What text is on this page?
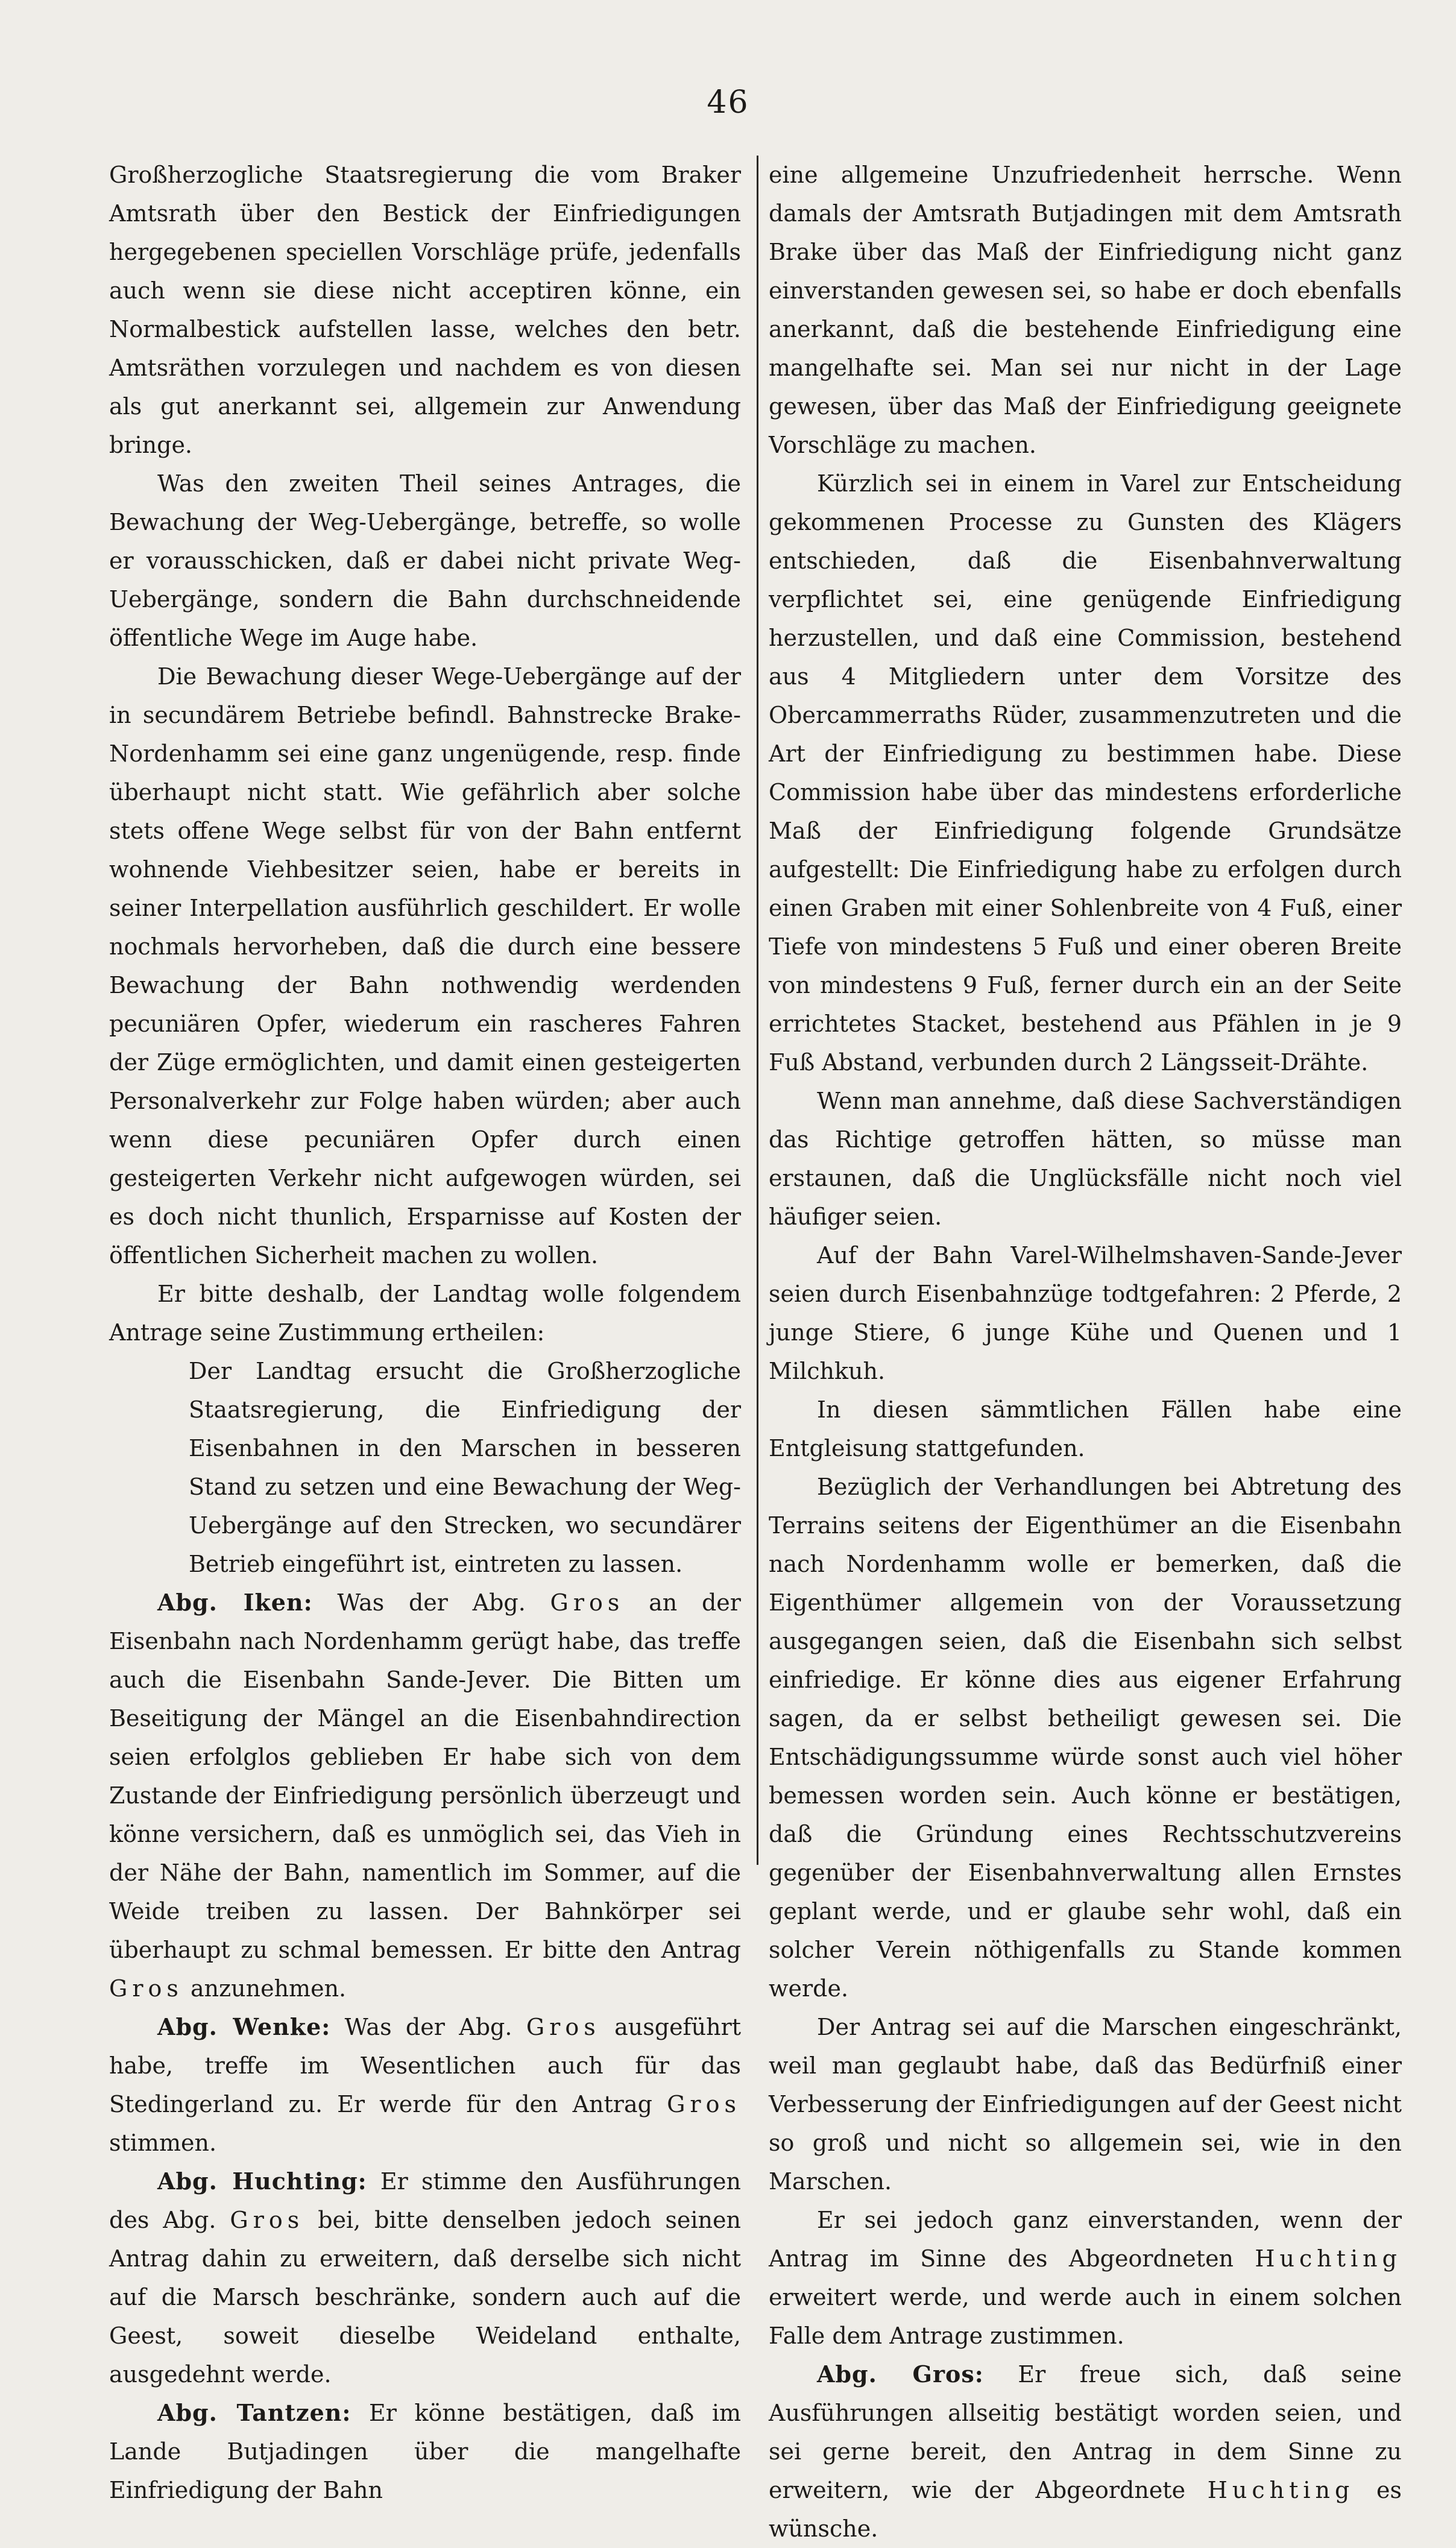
46

Großherzogliche Staatsregierung die vom Braker Amtsrath über den Bestick der Einfriedigungen hergegebenen speciellen Vorschläge prüfe, jedenfalls auch wenn sie diese nicht acceptiren könne, ein Normalbestick aufstellen lasse, welches den betr. Amtsräthen vorzulegen und nachdem es von diesen als gut anerkannt sei, allgemein zur Anwendung bringe.

Was den zweiten Theil seines Antrages, die Bewachung der Weg-Uebergänge, betreffe, so wolle er vorausschicken, daß er dabei nicht private Weg-Uebergänge, sondern die Bahn durchschneidende öffentliche Wege im Auge habe.

Die Bewachung dieser Wege-Uebergänge auf der in secundärem Betriebe befindl. Bahnstrecke Brake-Nordenhamm sei eine ganz ungenügende, resp. finde überhaupt nicht statt. Wie gefährlich aber solche stets offene Wege selbst für von der Bahn entfernt wohnende Viehbesitzer seien, habe er bereits in seiner Interpellation ausführlich geschildert. Er wolle nochmals hervorheben, daß die durch eine bessere Bewachung der Bahn nothwendig werdenden pecuniären Opfer, wiederum ein rascheres Fahren der Züge ermöglichten, und damit einen gesteigerten Personalverkehr zur Folge haben würden; aber auch wenn diese pecuniären Opfer durch einen gesteigerten Verkehr nicht aufgewogen würden, sei es doch nicht thunlich, Ersparnisse auf Kosten der öffentlichen Sicherheit machen zu wollen.

Er bitte deshalb, der Landtag wolle folgendem Antrage seine Zustimmung ertheilen:

Der Landtag ersucht die Großherzogliche Staatsregierung, die Einfriedigung der Eisenbahnen in den Marschen in besseren Stand zu setzen und eine Bewachung der Weg-Uebergänge auf den Strecken, wo secundärer Betrieb eingeführt ist, eintreten zu lassen.

Abg. Iken: Was der Abg. Gros an der Eisenbahn nach Nordenhamm gerügt habe, das treffe auch die Eisenbahn Sande-Jever. Die Bitten um Beseitigung der Mängel an die Eisenbahndirection seien erfolglos geblieben Er habe sich von dem Zustande der Einfriedigung persönlich überzeugt und könne versichern, daß es unmöglich sei, das Vieh in der Nähe der Bahn, namentlich im Sommer, auf die Weide treiben zu lassen. Der Bahnkörper sei überhaupt zu schmal bemessen. Er bitte den Antrag Gros anzunehmen.

Abg. Wenke: Was der Abg. Gros ausgeführt habe, treffe im Wesentlichen auch für das Stedingerland zu. Er werde für den Antrag Gros stimmen.

Abg. Huchting: Er stimme den Ausführungen des Abg. Gros bei, bitte denselben jedoch seinen Antrag dahin zu erweitern, daß derselbe sich nicht auf die Marsch beschränke, sondern auch auf die Geest, soweit dieselbe Weideland enthalte, ausgedehnt werde.

Abg. Tantzen: Er könne bestätigen, daß im Lande Butjadingen über die mangelhafte Einfriedigung der Bahn

eine allgemeine Unzufriedenheit herrsche. Wenn damals der Amtsrath Butjadingen mit dem Amtsrath Brake über das Maß der Einfriedigung nicht ganz einverstanden gewesen sei, so habe er doch ebenfalls anerkannt, daß die bestehende Einfriedigung eine mangelhafte sei. Man sei nur nicht in der Lage gewesen, über das Maß der Einfriedigung geeignete Vorschläge zu machen.

Kürzlich sei in einem in Varel zur Entscheidung gekommenen Processe zu Gunsten des Klägers entschieden, daß die Eisenbahnverwaltung verpflichtet sei, eine genügende Einfriedigung herzustellen, und daß eine Commission, bestehend aus 4 Mitgliedern unter dem Vorsitze des Obercammerraths Rüder, zusammenzutreten und die Art der Einfriedigung zu bestimmen habe. Diese Commission habe über das mindestens erforderliche Maß der Einfriedigung folgende Grundsätze aufgestellt: Die Einfriedigung habe zu erfolgen durch einen Graben mit einer Sohlenbreite von 4 Fuß, einer Tiefe von mindestens 5 Fuß und einer oberen Breite von mindestens 9 Fuß, ferner durch ein an der Seite errichtetes Stacket, bestehend aus Pfählen in je 9 Fuß Abstand, verbunden durch 2 Längsseit-Drähte.

Wenn man annehme, daß diese Sachverständigen das Richtige getroffen hätten, so müsse man erstaunen, daß die Unglücksfälle nicht noch viel häufiger seien.

Auf der Bahn Varel-Wilhelmshaven-Sande-Jever seien durch Eisenbahnzüge todtgefahren: 2 Pferde, 2 junge Stiere, 6 junge Kühe und Quenen und 1 Milchkuh.

In diesen sämmtlichen Fällen habe eine Entgleisung stattgefunden.

Bezüglich der Verhandlungen bei Abtretung des Terrains seitens der Eigenthümer an die Eisenbahn nach Nordenhamm wolle er bemerken, daß die Eigenthümer allgemein von der Voraussetzung ausgegangen seien, daß die Eisenbahn sich selbst einfriedige. Er könne dies aus eigener Erfahrung sagen, da er selbst betheiligt gewesen sei. Die Entschädigungssumme würde sonst auch viel höher bemessen worden sein. Auch könne er bestätigen, daß die Gründung eines Rechtsschutzvereins gegenüber der Eisenbahnverwaltung allen Ernstes geplant werde, und er glaube sehr wohl, daß ein solcher Verein nöthigenfalls zu Stande kommen werde.

Der Antrag sei auf die Marschen eingeschränkt, weil man geglaubt habe, daß das Bedürfniß einer Verbesserung der Einfriedigungen auf der Geest nicht so groß und nicht so allgemein sei, wie in den Marschen.

Er sei jedoch ganz einverstanden, wenn der Antrag im Sinne des Abgeordneten Huchting erweitert werde, und werde auch in einem solchen Falle dem Antrage zustimmen.

Abg. Gros: Er freue sich, daß seine Ausführungen allseitig bestätigt worden seien, und sei gerne bereit, den Antrag in dem Sinne zu erweitern, wie der Abgeordnete Huchting es wünsche.
